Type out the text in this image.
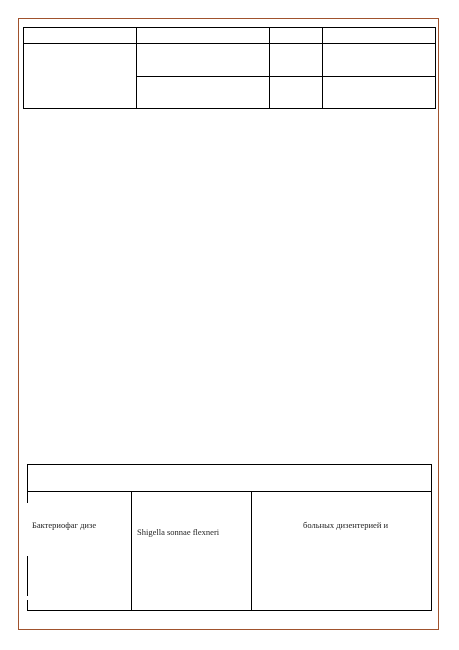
Бактериофаг дизе
Shigella sonnae flexneri
больных дизентерией и
